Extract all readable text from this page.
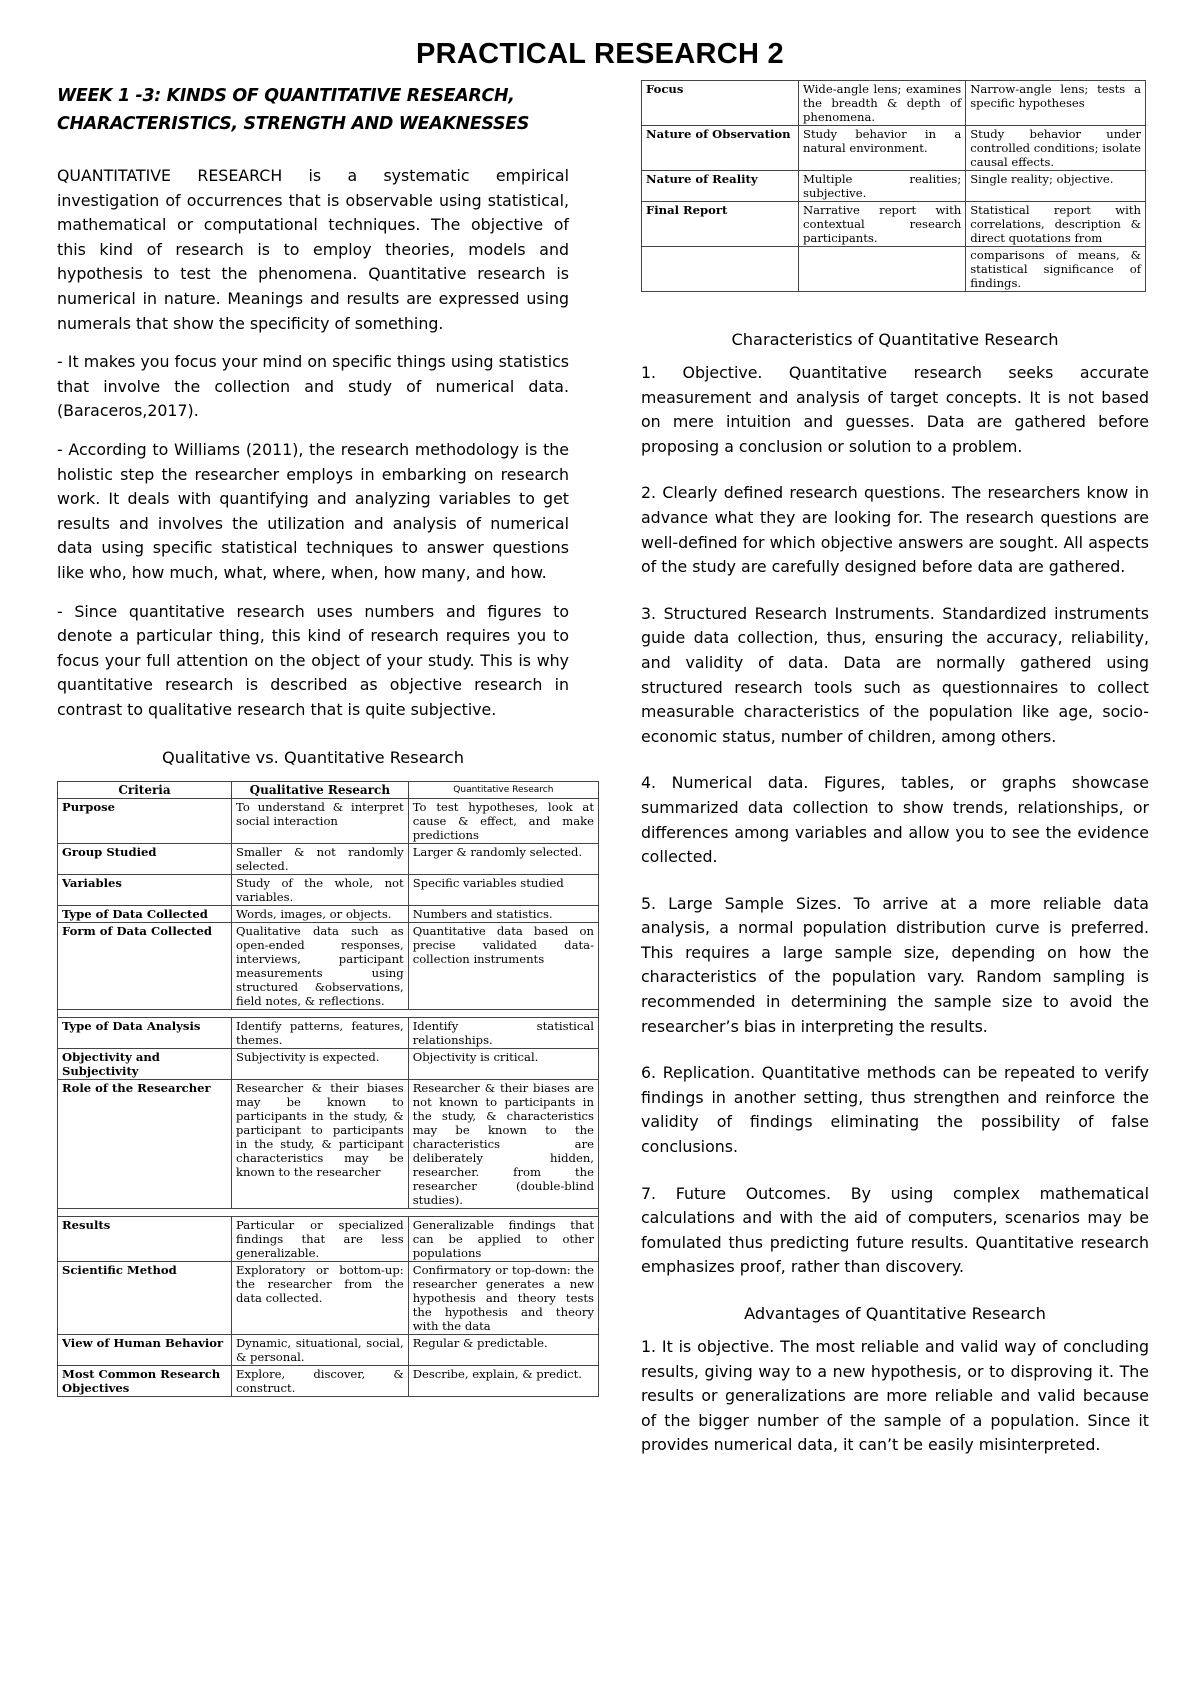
PRACTICAL RESEARCH 2

WEEK 1 -3: KINDS OF QUANTITATIVE RESEARCH,
CHARACTERISTICS, STRENGTH AND WEAKNESSES

QUANTITATIVE RESEARCH is a systematic empirical investigation of occurrences that is observable using statistical, mathematical or computational techniques. The objective of this kind of research is to employ theories, models and hypothesis to test the phenomena. Quantitative research is numerical in nature. Meanings and results are expressed using numerals that show the specificity of something.

- It makes you focus your mind on specific things using statistics that involve the collection and study of numerical data. (Baraceros,2017).

- According to Williams (2011), the research methodology is the holistic step the researcher employs in embarking on research work. It deals with quantifying and analyzing variables to get results and involves the utilization and analysis of numerical data using specific statistical techniques to answer questions like who, how much, what, where, when, how many, and how.

- Since quantitative research uses numbers and figures to denote a particular thing, this kind of research requires you to focus your full attention on the object of your study. This is why quantitative research is described as objective research in contrast to qualitative research that is quite subjective.

Qualitative vs. Quantitative Research

Criteria	Qualitative Research	Quantitative Research
Purpose	To understand & interpret social interaction	To test hypotheses, look at cause & effect, and make predictions
Group Studied	Smaller & not randomly selected.	Larger & randomly selected.
Variables	Study of the whole, not variables.	Specific variables studied
Type of Data Collected	Words, images, or objects.	Numbers and statistics.
Form of Data Collected	Qualitative data such as open-ended responses, interviews, participant measurements using structured &observations, field notes, & reflections.	Quantitative data based on precise validated data-collection instruments

Type of Data Analysis	Identify patterns, features, themes.	Identify statistical relationships.
Objectivity and Subjectivity	Subjectivity is expected.	Objectivity is critical.
Role of the Researcher	Researcher & their biases may be known to participants in the study, & participant to participants in the study, & participant characteristics may be known to the researcher	Researcher & their biases are not known to participants in the study, & characteristics may be known to the characteristics are deliberately hidden, researcher. from the researcher (double-blind studies).

Results	Particular or specialized findings that are less generalizable.	Generalizable findings that can be applied to other populations
Scientific Method	Exploratory or bottom-up: the researcher from the data collected.	Confirmatory or top-down: the researcher generates a new hypothesis and theory tests the hypothesis and theory with the data
View of Human Behavior	Dynamic, situational, social, & personal.	Regular & predictable.
Most Common Research Objectives	Explore, discover, & construct.	Describe, explain, & predict.
Focus	Wide-angle lens; examines the breadth & depth of phenomena.	Narrow-angle lens; tests a specific hypotheses
Nature of Observation	Study behavior in a natural environment.	Study behavior under controlled conditions; isolate causal effects.
Nature of Reality	Multiple realities; subjective.	Single reality; objective.
Final Report	Narrative report with contextual research participants.	Statistical report with correlations, description & direct quotations from
		comparisons of means, & statistical significance of findings.

Characteristics of Quantitative Research

1. Objective. Quantitative research seeks accurate measurement and analysis of target concepts. It is not based on mere intuition and guesses. Data are gathered before proposing a conclusion or solution to a problem.

2. Clearly defined research questions. The researchers know in advance what they are looking for. The research questions are well-defined for which objective answers are sought. All aspects of the study are carefully designed before data are gathered.

3. Structured Research Instruments. Standardized instruments guide data collection, thus, ensuring the accuracy, reliability, and validity of data. Data are normally gathered using structured research tools such as questionnaires to collect measurable characteristics of the population like age, socio-economic status, number of children, among others.

4. Numerical data. Figures, tables, or graphs showcase summarized data collection to show trends, relationships, or differences among variables and allow you to see the evidence collected.

5. Large Sample Sizes. To arrive at a more reliable data analysis, a normal population distribution curve is preferred. This requires a large sample size, depending on how the characteristics of the population vary. Random sampling is recommended in determining the sample size to avoid the researcher’s bias in interpreting the results.

6. Replication. Quantitative methods can be repeated to verify findings in another setting, thus strengthen and reinforce the validity of findings eliminating the possibility of false conclusions.

7. Future Outcomes. By using complex mathematical calculations and with the aid of computers, scenarios may be fomulated thus predicting future results. Quantitative research emphasizes proof, rather than discovery.

Advantages of Quantitative Research

1. It is objective. The most reliable and valid way of concluding results, giving way to a new hypothesis, or to disproving it. The results or generalizations are more reliable and valid because of the bigger number of the sample of a population. Since it provides numerical data, it can’t be easily misinterpreted.
